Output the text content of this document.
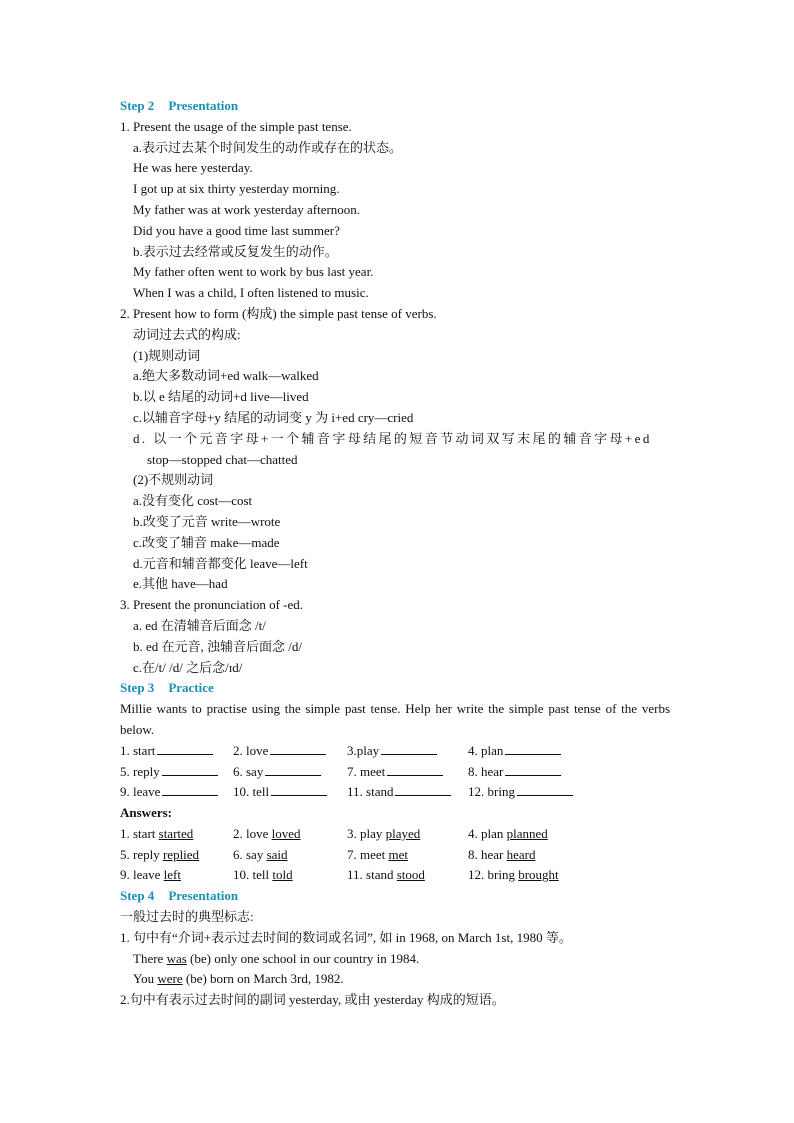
Step 2 Presentation
1. Present the usage of the simple past tense.
a.表示过去某个时间发生的动作或存在的状态。
He was here yesterday.
I got up at six thirty yesterday morning.
My father was at work yesterday afternoon.
Did you have a good time last summer?
b.表示过去经常或反复发生的动作。
My father often went to work by bus last year.
When I was a child, I often listened to music.
2. Present how to form (构成) the simple past tense of verbs.
动词过去式的构成:
(1)规则动词
a.绝大多数动词+ed walk—walked
b.以 e 结尾的动词+d live—lived
c.以辅音字母+y 结尾的动词变 y 为 i+ed cry—cried
d. 以一个元音字母+一个辅音字母结尾的短音节动词双写末尾的辅音字母+ed
stop—stopped chat—chatted
(2)不规则动词
a.没有变化 cost—cost
b.改变了元音 write—wrote
c.改变了辅音 make—made
d.元音和辅音都变化 leave—left
e.其他 have—had
3. Present the pronunciation of -ed.
a. ed 在清辅音后面念 /t/
b. ed 在元音, 浊辅音后面念 /d/
c.在/t/ /d/ 之后念/ɪd/
Step 3 Practice
Millie wants to practise using the simple past tense. Help her write the simple past tense of the verbs below.
1. start	2. love	3.play	4. plan
5. reply	6. say	7. meet	8. hear
9. leave	10. tell	11. stand	12. bring
Answers:
1. start started	2. love loved	3. play played	4. plan planned
5. reply replied	6. say said	7. meet met	8. hear heard
9. leave left	10. tell told	11. stand stood	12. bring brought
Step 4 Presentation
一般过去时的典型标志:
1. 句中有“介词+表示过去时间的数词或名词”, 如 in 1968, on March 1st, 1980 等。
There was (be) only one school in our country in 1984.
You were (be) born on March 3rd, 1982.
2.句中有表示过去时间的副词 yesterday, 或由 yesterday 构成的短语。
